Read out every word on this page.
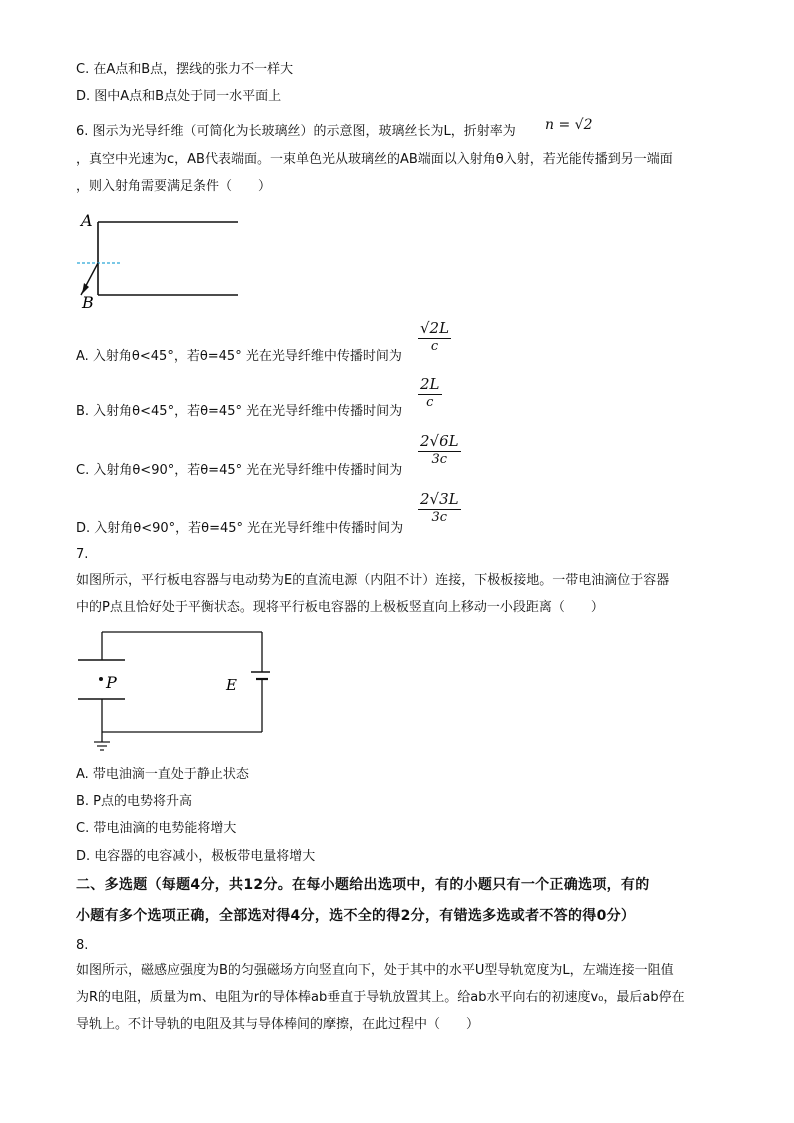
C. 在A点和B点，摆线的张力不一样大
D. 图中A点和B点处于同一水平面上
6. 图示为光导纤维（可简化为长玻璃丝）的示意图，玻璃丝长为L，折射率为 n = √2
，真空中光速为c，AB代表端面。一束单色光从玻璃丝的AB端面以入射角θ入射，若光能传播到另一端面
，则入射角需要满足条件（　　）
A
B
A. 入射角θ<45°，若θ=45° 光在光导纤维中传播时间为
$\frac{√2L}{c}$
B. 入射角θ<45°，若θ=45° 光在光导纤维中传播时间为
$\frac{2L}{c}$
C. 入射角θ<90°，若θ=45° 光在光导纤维中传播时间为
$\frac{2√6L}{3c}$
D. 入射角θ<90°，若θ=45° 光在光导纤维中传播时间为
$\frac{2√3L}{3c}$
7.
如图所示，平行板电容器与电动势为E的直流电源（内阻不计）连接，下极板接地。一带电油滴位于容器
中的P点且恰好处于平衡状态。现将平行板电容器的上极板竖直向上移动一小段距离（　　）
P	E
A. 带电油滴一直处于静止状态
B. P点的电势将升高
C. 带电油滴的电势能将增大
D. 电容器的电容减小，极板带电量将增大
二、多选题（每题4分，共12分。在每小题给出选项中，有的小题只有一个正确选项，有的
小题有多个选项正确，全部选对得4分，选不全的得2分，有错选多选或者不答的得0分）
8.
如图所示，磁感应强度为B的匀强磁场方向竖直向下，处于其中的水平U型导轨宽度为L，左端连接一阻值
为R的电阻，质量为m、电阻为r的导体棒ab垂直于导轨放置其上。给ab水平向右的初速度v₀，最后ab停在
导轨上。不计导轨的电阻及其与导体棒间的摩擦，在此过程中（　　）
